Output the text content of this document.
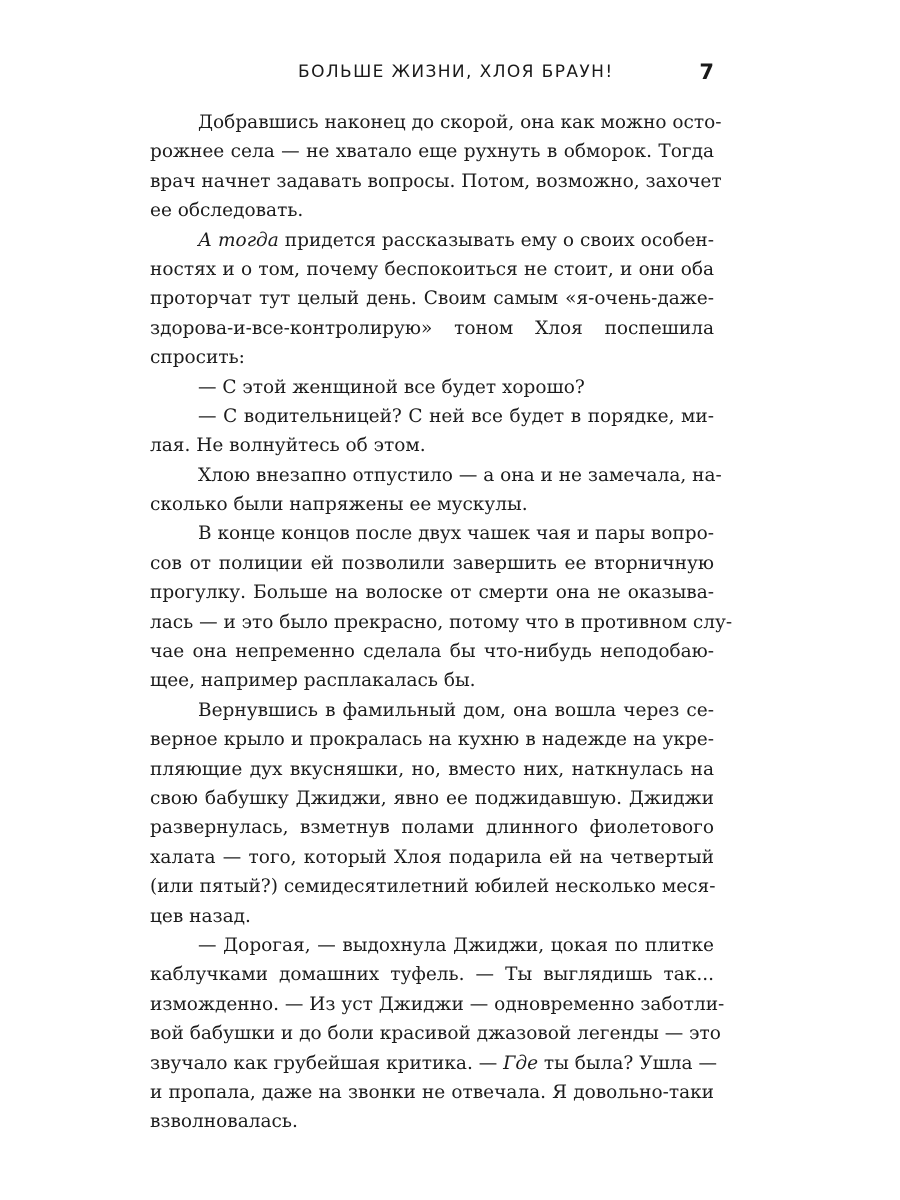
БОЛЬШЕ ЖИЗНИ, ХЛОЯ БРАУН!	7
Добравшись наконец до скорой, она как можно осто-
рожнее села — не хватало еще рухнуть в обморок. Тогда
врач начнет задавать вопросы. Потом, возможно, захочет
ее обследовать.
А тогда придется рассказывать ему о своих особен-
ностях и о том, почему беспокоиться не стоит, и они оба
проторчат тут целый день. Своим самым «я-очень-даже-
здорова-и-все-контролирую» тоном Хлоя поспешила
спросить:
— С этой женщиной все будет хорошо?
— С водительницей? С ней все будет в порядке, ми-
лая. Не волнуйтесь об этом.
Хлою внезапно отпустило — а она и не замечала, на-
сколько были напряжены ее мускулы.
В конце концов после двух чашек чая и пары вопро-
сов от полиции ей позволили завершить ее вторничную
прогулку. Больше на волоске от смерти она не оказыва-
лась — и это было прекрасно, потому что в противном слу-
чае она непременно сделала бы что-нибудь неподобаю-
щее, например расплакалась бы.
Вернувшись в фамильный дом, она вошла через се-
верное крыло и прокралась на кухню в надежде на укре-
пляющие дух вкусняшки, но, вместо них, наткнулась на
свою бабушку Джиджи, явно ее поджидавшую. Джиджи
развернулась, взметнув полами длинного фиолетового
халата — того, который Хлоя подарила ей на четвертый
(или пятый?) семидесятилетний юбилей несколько меся-
цев назад.
— Дорогая, — выдохнула Джиджи, цокая по плитке
каблучками домашних туфель. — Ты выглядишь так...
изможденно. — Из уст Джиджи — одновременно заботли-
вой бабушки и до боли красивой джазовой легенды — это
звучало как грубейшая критика. — Где ты была? Ушла —
и пропала, даже на звонки не отвечала. Я довольно-таки
взволновалась.
